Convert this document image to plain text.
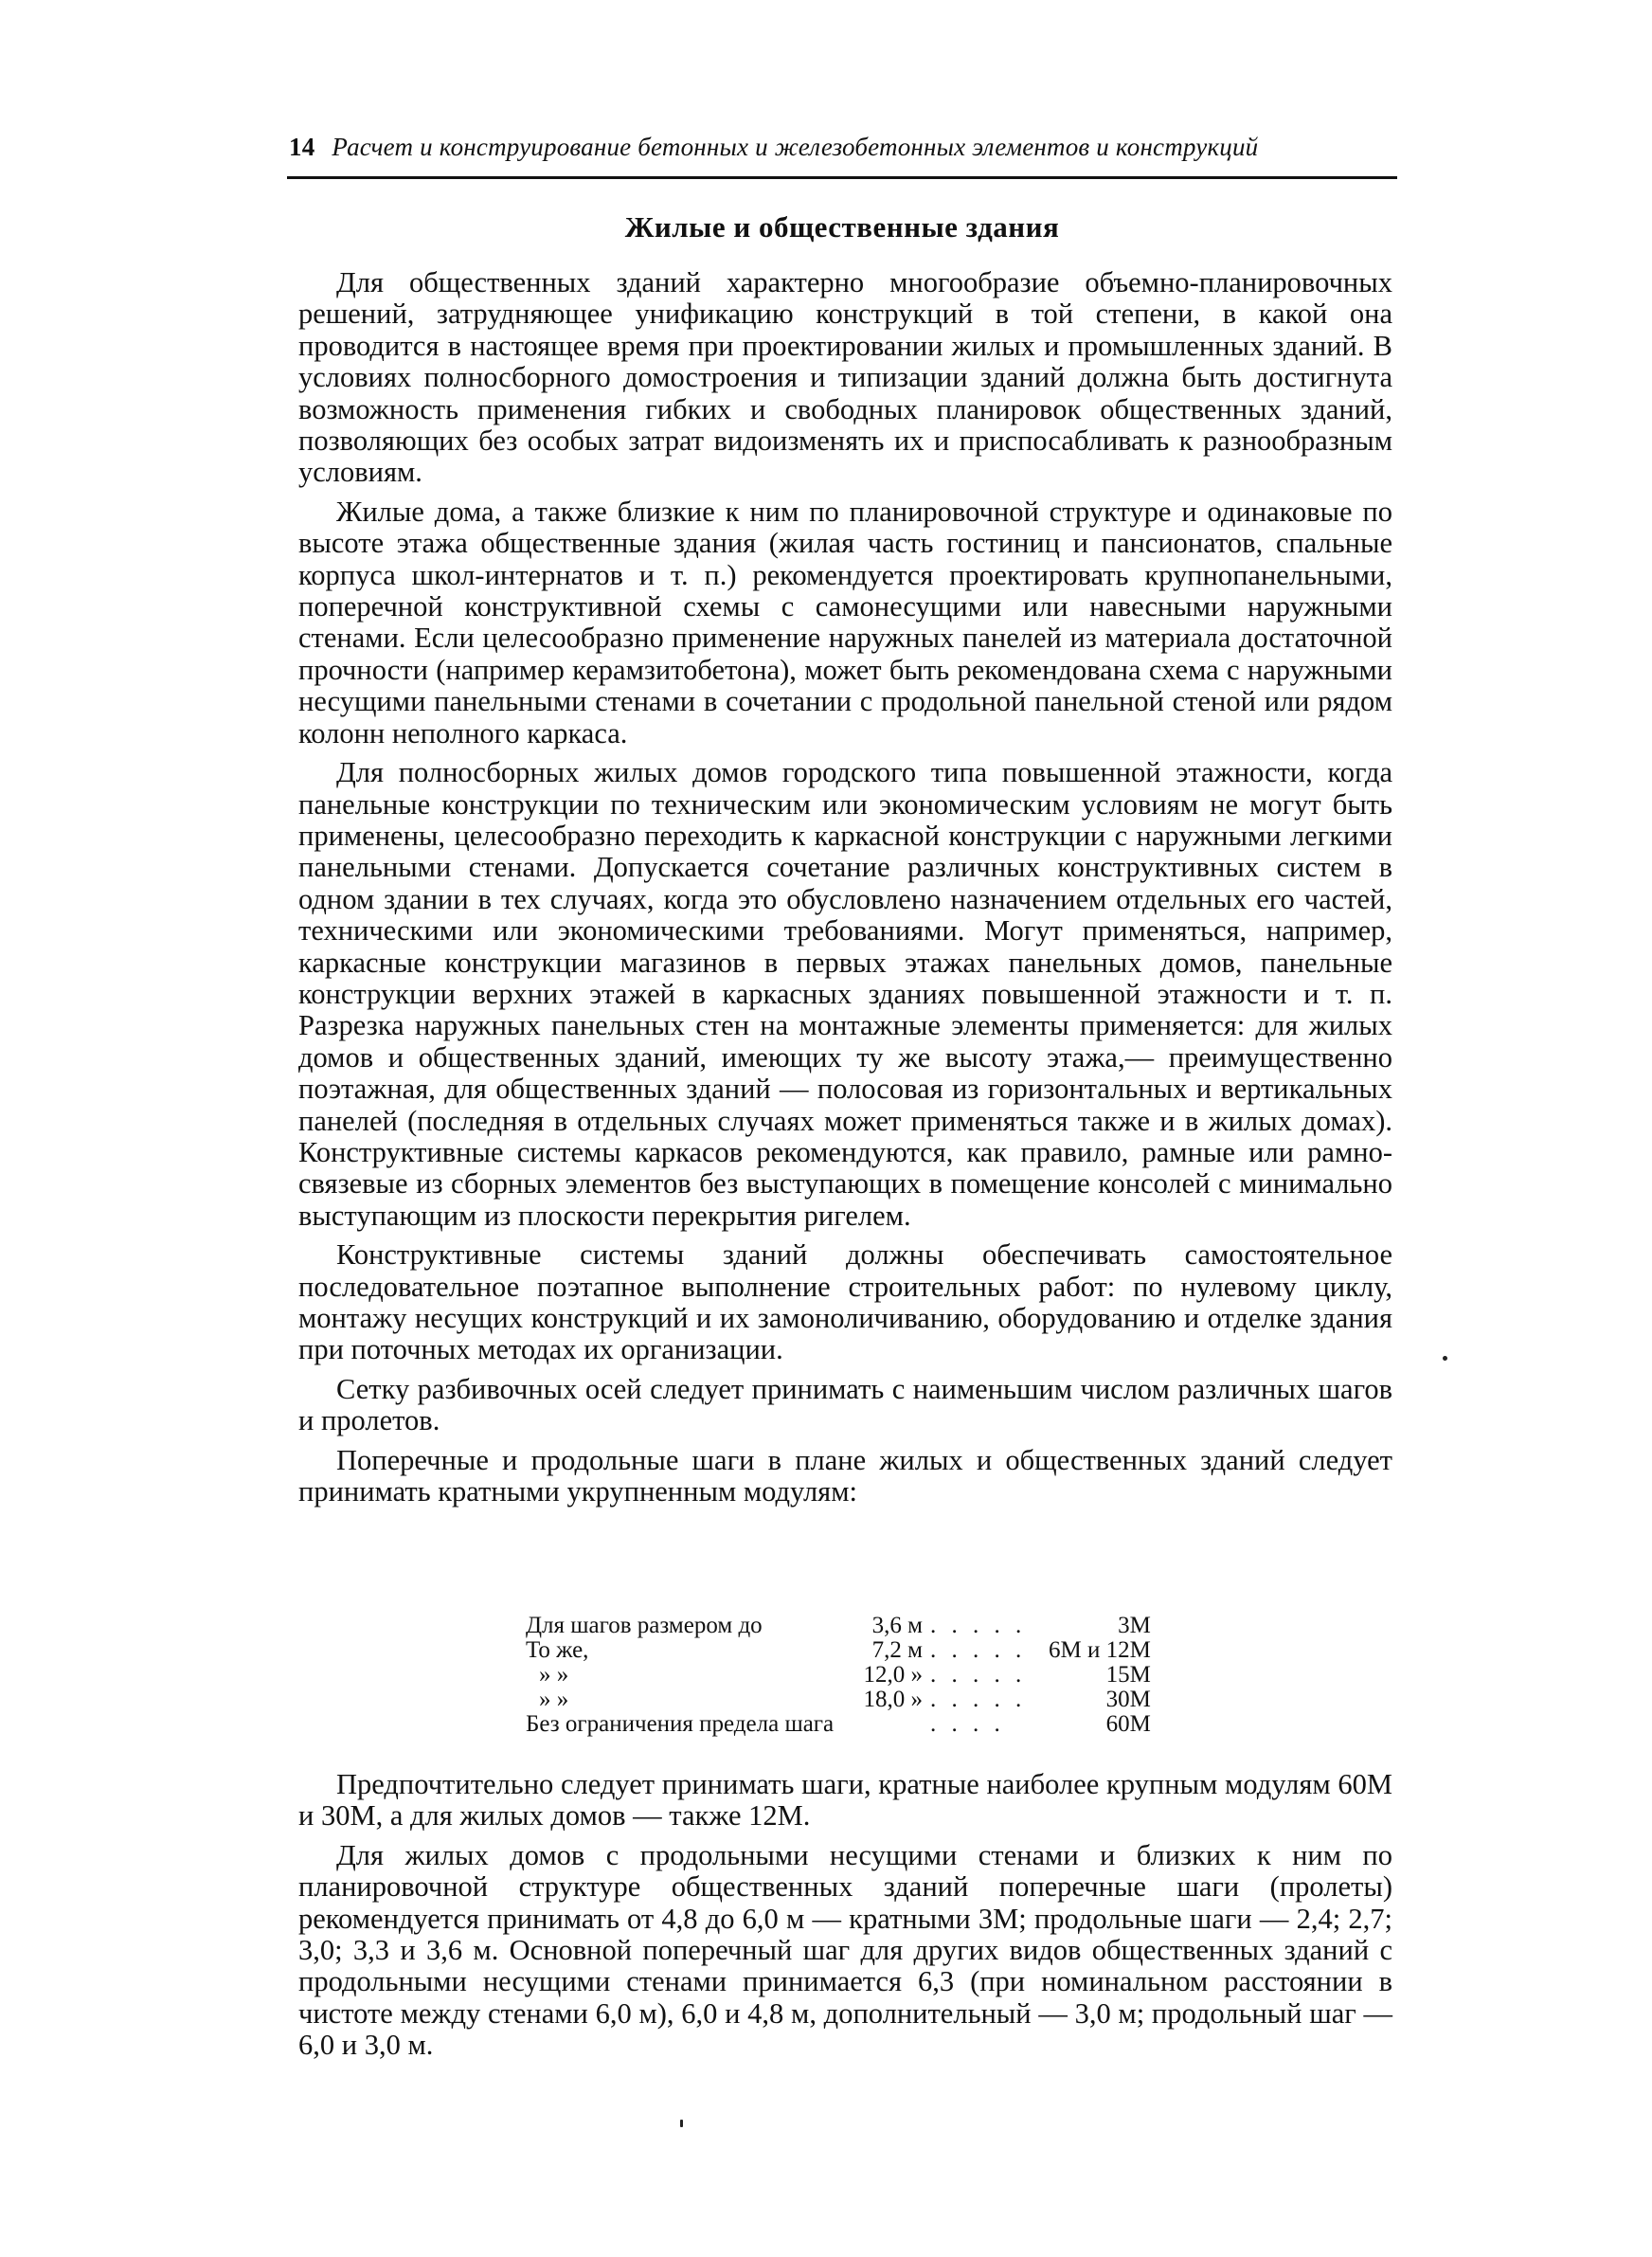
14 Расчет и конструирование бетонных и железобетонных элементов и конструкций
Жилые и общественные здания

Для общественных зданий характерно многообразие объемно-планировочных решений, затрудняющее унификацию конструкций в той степени, в какой она проводится в настоящее время при проектировании жилых и промышленных зданий. В условиях полносборного домостроения и типизации зданий должна быть достигнута возможность применения гибких и свободных планировок общественных зданий, позволяющих без особых затрат видоизменять их и приспосабливать к разнообразным условиям.

Жилые дома, а также близкие к ним по планировочной структуре и одинаковые по высоте этажа общественные здания (жилая часть гостиниц и пансионатов, спальные корпуса школ-интернатов и т. п.) рекомендуется проектировать крупнопанельными, поперечной конструктивной схемы с самонесущими или навесными наружными стенами. Если целесообразно применение наружных панелей из материала достаточной прочности (например керамзитобетона), может быть рекомендована схема с наружными несущими панельными стенами в сочетании с продольной панельной стеной или рядом колонн неполного каркаса.

Для полносборных жилых домов городского типа повышенной этажности, когда панельные конструкции по техническим или экономическим условиям не могут быть применены, целесообразно переходить к каркасной конструкции с наружными легкими панельными стенами. Допускается сочетание различных конструктивных систем в одном здании в тех случаях, когда это обусловлено назначением отдельных его частей, техническими или экономическими требованиями. Могут применяться, например, каркасные конструкции магазинов в первых этажах панельных домов, панельные конструкции верхних этажей в каркасных зданиях повышенной этажности и т. п. Разрезка наружных панельных стен на монтажные элементы применяется: для жилых домов и общественных зданий, имеющих ту же высоту этажа,— преимущественно поэтажная, для общественных зданий — полосовая из горизонтальных и вертикальных панелей (последняя в отдельных случаях может применяться также и в жилых домах). Конструктивные системы каркасов рекомендуются, как правило, рамные или рамно-связевые из сборных элементов без выступающих в помещение консолей с минимально выступающим из плоскости перекрытия ригелем.

Конструктивные системы зданий должны обеспечивать самостоятельное последовательное поэтапное выполнение строительных работ: по нулевому циклу, монтажу несущих конструкций и их замоноличиванию, оборудованию и отделке здания при поточных методах их организации.

Сетку разбивочных осей следует принимать с наименьшим числом различных шагов и пролетов.

Поперечные и продольные шаги в плане жилых и общественных зданий следует принимать кратными укрупненным модулям:

Для шагов размером до	3,6 м	. . . . .	3М
То же,	7,2 м	. . . . .	6М и 12М
» »	12,0 »	. . . . .	15М
» »	18,0 »	. . . . .	30М
Без ограничения предела шага		. . . .	60М

Предпочтительно следует принимать шаги, кратные наиболее крупным модулям 60М и 30М, а для жилых домов — также 12М.

Для жилых домов с продольными несущими стенами и близких к ним по планировочной структуре общественных зданий поперечные шаги (пролеты) рекомендуется принимать от 4,8 до 6,0 м — кратными 3М; продольные шаги — 2,4; 2,7; 3,0; 3,3 и 3,6 м. Основной поперечный шаг для других видов общественных зданий с продольными несущими стенами принимается 6,3 (при номинальном расстоянии в чистоте между стенами 6,0 м), 6,0 и 4,8 м, дополнительный — 3,0 м; продольный шаг — 6,0 и 3,0 м.
